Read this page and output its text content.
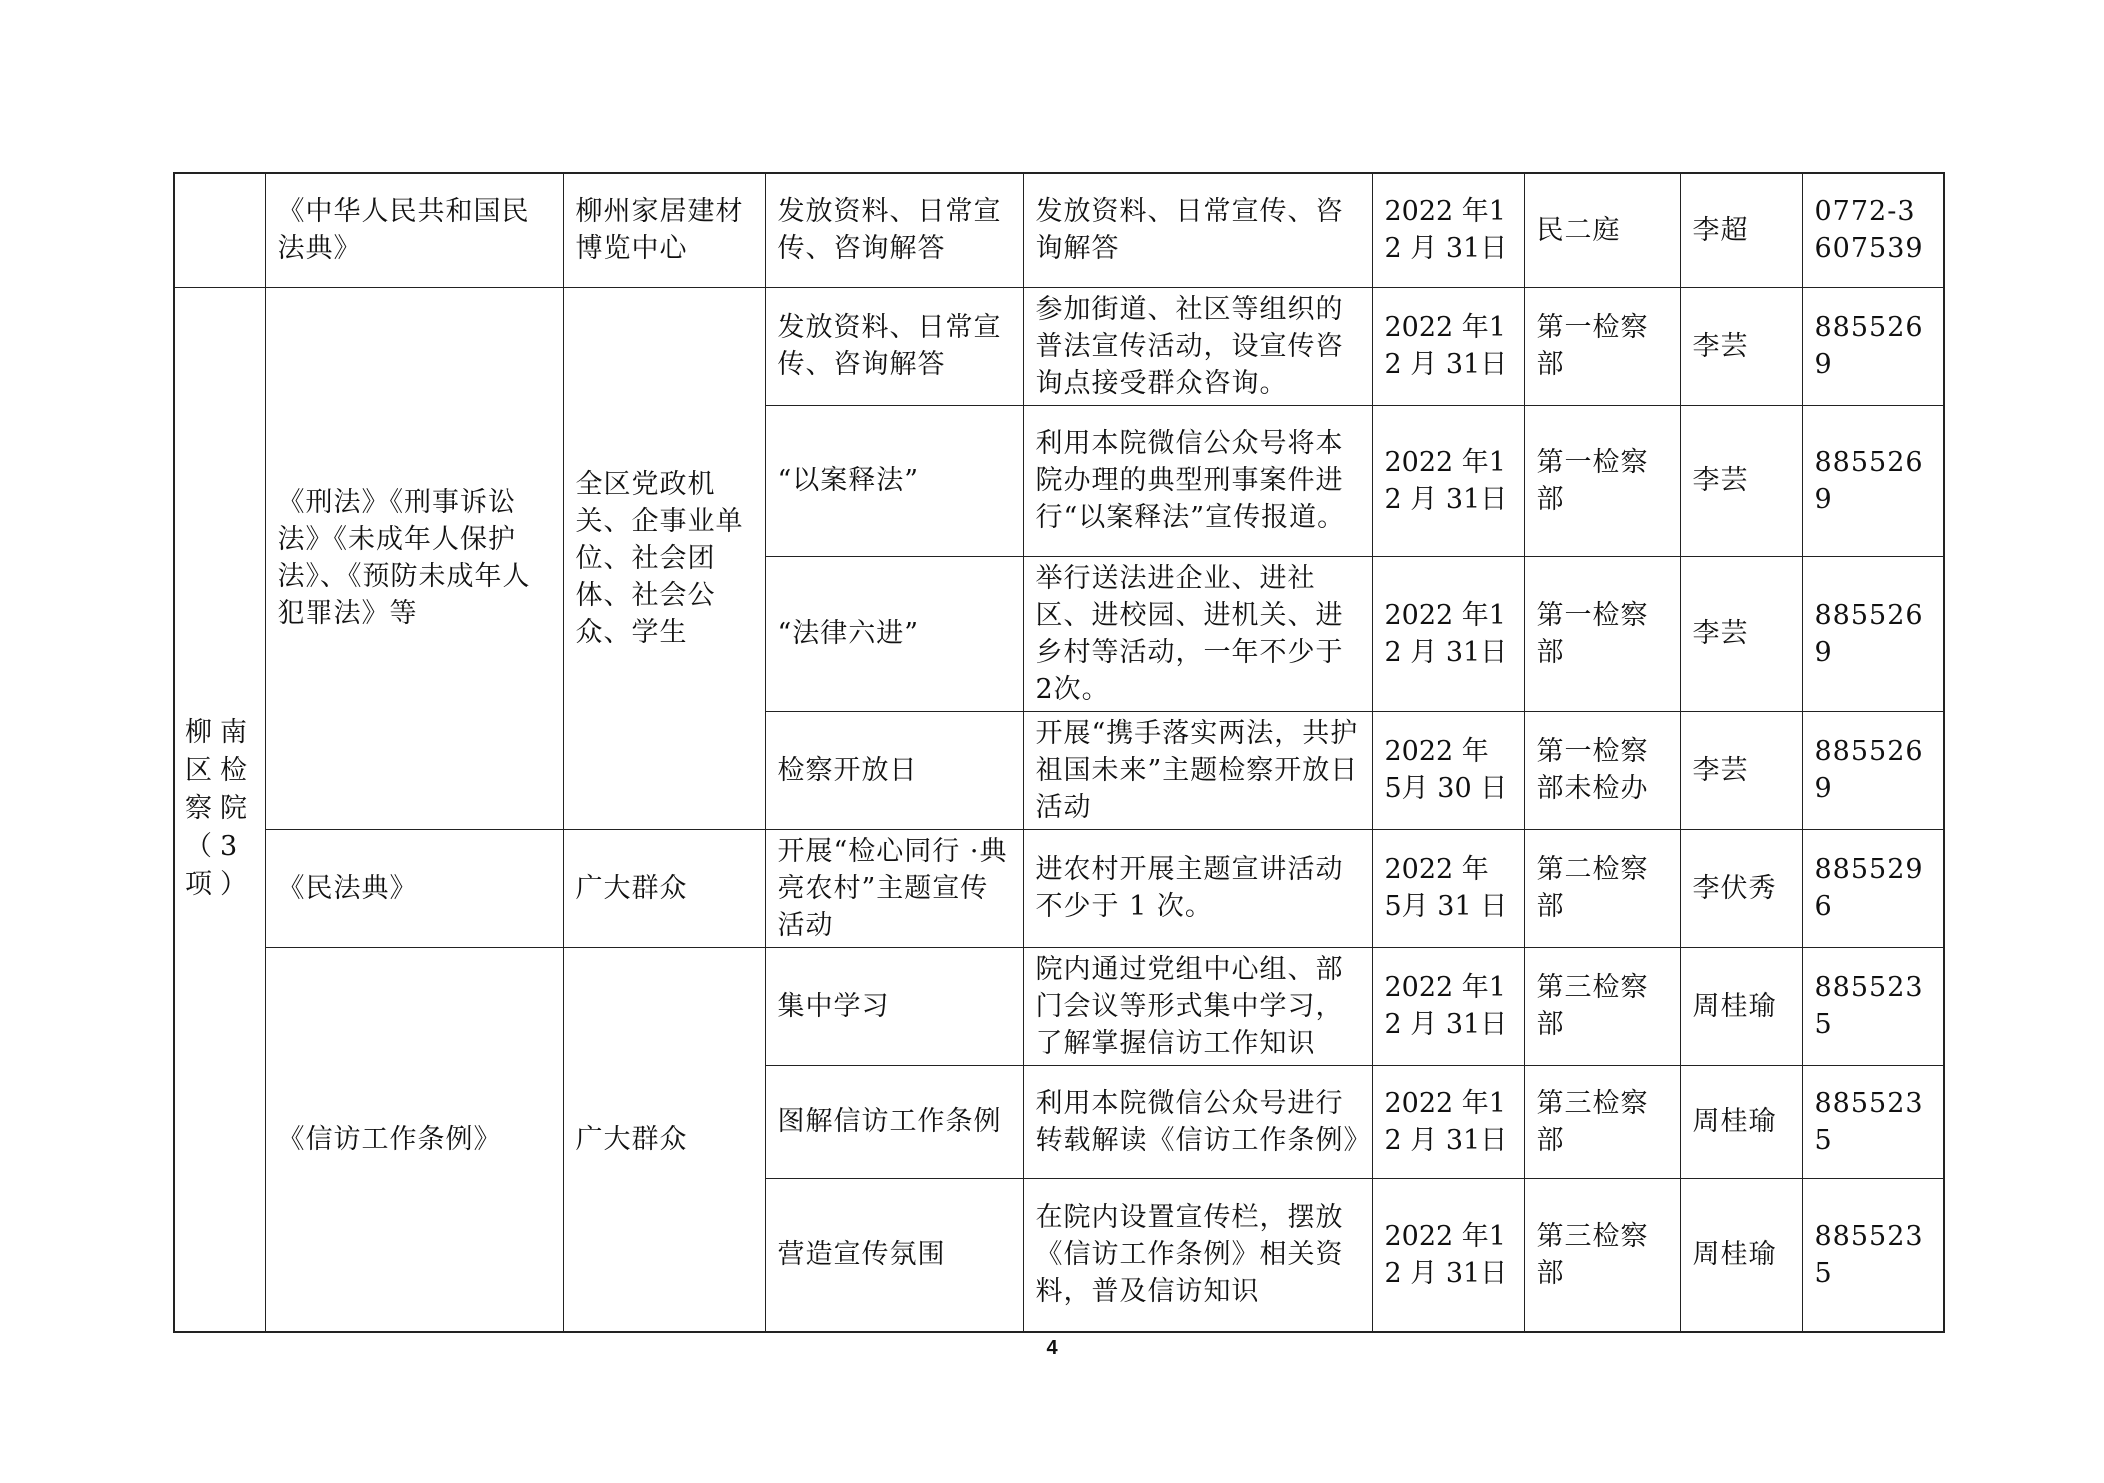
	《中华人民共和国民法典》	柳州家居建材博览中心	发放资料、日常宣传、咨询解答	发放资料、日常宣传、咨询解答	2022 年12 月 31日	民二庭	李超	0772-3607539
柳南区检察院（3项）	《刑法》《刑事诉讼法》《未成年人保护法》、《预防未成年人犯罪法》等	全区党政机关、企事业单位、社会团体、社会公众、学生	发放资料、日常宣传、咨询解答	参加街道、社区等组织的普法宣传活动，设宣传咨询点接受群众咨询。	2022 年12 月 31日	第一检察部	李芸	8855269
			“以案释法”	利用本院微信公众号将本院办理的典型刑事案件进行“以案释法”宣传报道。	2022 年12 月 31日	第一检察部	李芸	8855269
			“法律六进”	举行送法进企业、进社区、进校园、进机关、进乡村等活动，一年不少于2次。	2022 年12 月 31日	第一检察部	李芸	8855269
			检察开放日	开展“携手落实两法，共护祖国未来”主题检察开放日活动	2022 年 5月 30 日	第一检察部未检办	李芸	8855269
	《民法典》	广大群众	开展“检心同行 ·典亮农村”主题宣传活动	进农村开展主题宣讲活动不少于 1 次。	2022 年 5月 31 日	第二检察部	李伏秀	8855296
	《信访工作条例》	广大群众	集中学习	院内通过党组中心组、部门会议等形式集中学习，了解掌握信访工作知识	2022 年12 月 31日	第三检察部	周桂瑜	8855235
			图解信访工作条例	利用本院微信公众号进行转载解读《信访工作条例》	2022 年12 月 31日	第三检察部	周桂瑜	8855235
			营造宣传氛围	在院内设置宣传栏，摆放《信访工作条例》相关资料，普及信访知识	2022 年12 月 31日	第三检察部	周桂瑜	8855235
4
